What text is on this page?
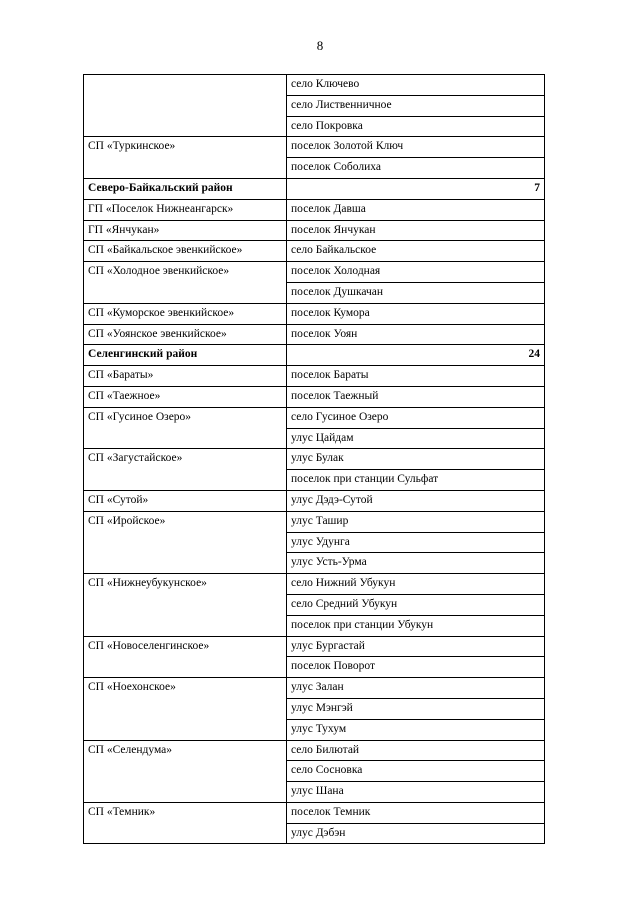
8
	село Ключево
	село Лиственничное
	село Покровка
СП «Туркинское»	поселок Золотой Ключ
	поселок Соболиха
Северо-Байкальский район	7
ГП «Поселок Нижнеангарск»	поселок Давша
ГП «Янчукан»	поселок Янчукан
СП «Байкальское эвенкийское»	село Байкальское
СП «Холодное эвенкийское»	поселок Холодная
	поселок Душкачан
СП «Куморское эвенкийское»	поселок Кумора
СП «Уоянское эвенкийское»	поселок Уоян
Селенгинский район	24
СП «Бараты»	поселок Бараты
СП «Таежное»	поселок Таежный
СП «Гусиное Озеро»	село Гусиное Озеро
	улус Цайдам
СП «Загустайское»	улус Булак
	поселок при станции Сульфат
СП «Сутой»	улус Дэдэ-Сутой
СП «Иройское»	улус Ташир
	улус Удунга
	улус Усть-Урма
СП «Нижнеубукунское»	село Нижний Убукун
	село Средний Убукун
	поселок при станции Убукун
СП «Новоселенгинское»	улус Бургастай
	поселок Поворот
СП «Ноехонское»	улус Залан
	улус Мэнгэй
	улус Тухум
СП «Селендума»	село Билютай
	село Сосновка
	улус Шана
СП «Темник»	поселок Темник
	улус Дэбэн
